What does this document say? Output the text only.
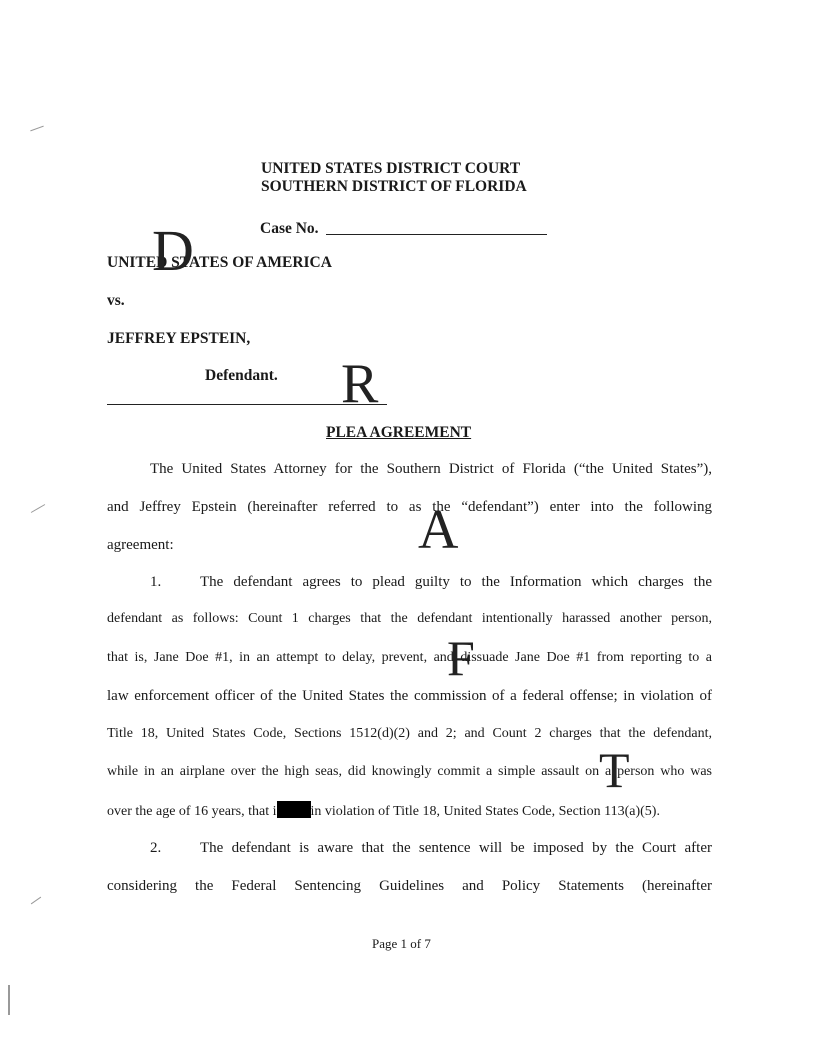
UNITED STATES DISTRICT COURT
SOUTHERN DISTRICT OF FLORIDA
Case No.
UNITED STATES OF AMERICA
vs.
JEFFREY EPSTEIN,
Defendant.
PLEA AGREEMENT
D
R
A
F
T
The United States Attorney for the Southern District of Florida (“the United States”),
and Jeffrey Epstein (hereinafter referred to as the “defendant”) enter into the following
agreement:
1.	The defendant agrees to plead guilty to the Information which charges the
defendant as follows: Count 1 charges that the defendant intentionally harassed another person,
that is, Jane Doe #1, in an attempt to delay, prevent, and dissuade Jane Doe #1 from reporting to a
law enforcement officer of the United States the commission of a federal offense; in violation of
Title 18, United States Code, Sections 1512(d)(2) and 2; and Count 2 charges that the defendant,
while in an airplane over the high seas, did knowingly commit a simple assault on a person who was
over the age of 16 years, that i in violation of Title 18, United States Code, Section 113(a)(5).
2.	The defendant is aware that the sentence will be imposed by the Court after
considering the Federal Sentencing Guidelines and Policy Statements (hereinafter
Page 1 of 7
